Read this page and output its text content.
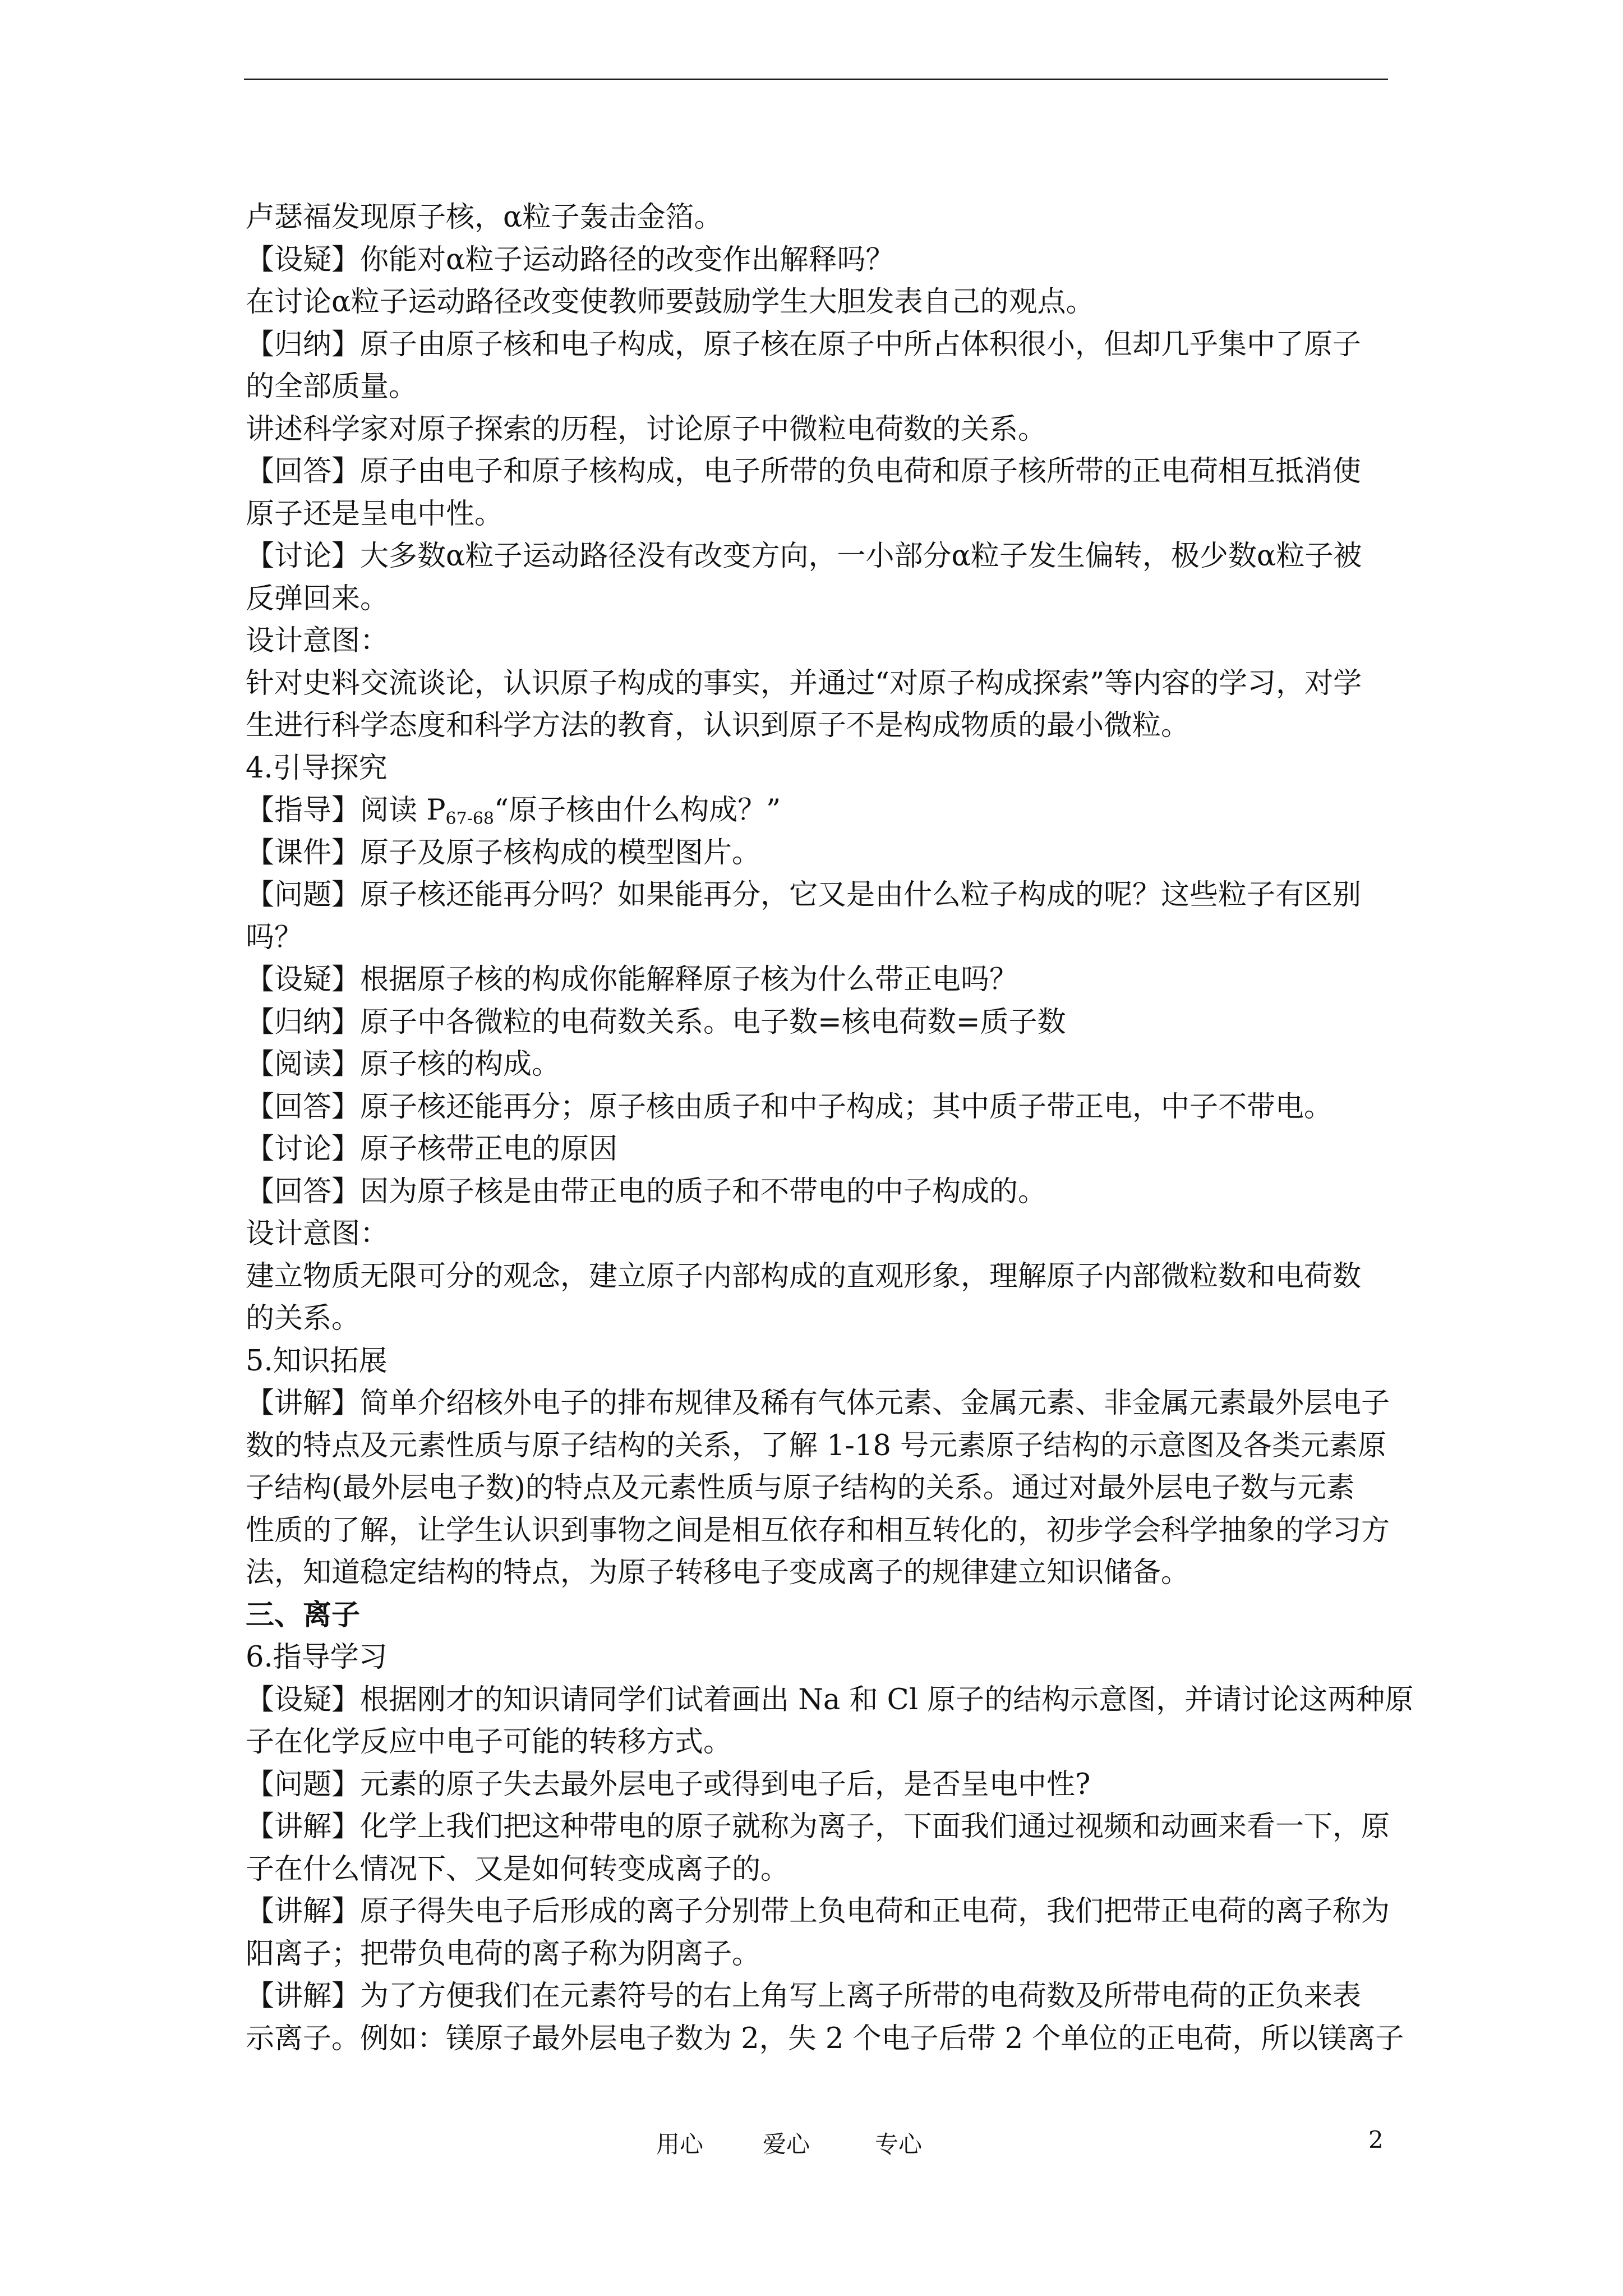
卢瑟福发现原子核，α粒子轰击金箔。
【设疑】你能对α粒子运动路径的改变作出解释吗？
在讨论α粒子运动路径改变使教师要鼓励学生大胆发表自己的观点。
【归纳】原子由原子核和电子构成，原子核在原子中所占体积很小，但却几乎集中了原子
的全部质量。
讲述科学家对原子探索的历程，讨论原子中微粒电荷数的关系。
【回答】原子由电子和原子核构成，电子所带的负电荷和原子核所带的正电荷相互抵消使
原子还是呈电中性。
【讨论】大多数α粒子运动路径没有改变方向，一小部分α粒子发生偏转，极少数α粒子被
反弹回来。
设计意图：
针对史料交流谈论，认识原子构成的事实，并通过“对原子构成探索”等内容的学习，对学
生进行科学态度和科学方法的教育，认识到原子不是构成物质的最小微粒。
4.引导探究
【指导】阅读 $P_{67-68}“$原子核由什么构成？”
【课件】原子及原子核构成的模型图片。
【问题】原子核还能再分吗？如果能再分，它又是由什么粒子构成的呢？这些粒子有区别
吗？
【设疑】根据原子核的构成你能解释原子核为什么带正电吗？
【归纳】原子中各微粒的电荷数关系。电子数=核电荷数=质子数
【阅读】原子核的构成。
【回答】原子核还能再分；原子核由质子和中子构成；其中质子带正电，中子不带电。
【讨论】原子核带正电的原因
【回答】因为原子核是由带正电的质子和不带电的中子构成的。
设计意图：
建立物质无限可分的观念，建立原子内部构成的直观形象，理解原子内部微粒数和电荷数
的关系。
5.知识拓展
【讲解】简单介绍核外电子的排布规律及稀有气体元素、金属元素、非金属元素最外层电子
数的特点及元素性质与原子结构的关系，了解 1-18 号元素原子结构的示意图及各类元素原
子结构(最外层电子数)的特点及元素性质与原子结构的关系。通过对最外层电子数与元素
性质的了解，让学生认识到事物之间是相互依存和相互转化的，初步学会科学抽象的学习方
法，知道稳定结构的特点，为原子转移电子变成离子的规律建立知识储备。
三、离子
6.指导学习
【设疑】根据刚才的知识请同学们试着画出 Na 和 Cl 原子的结构示意图，并请讨论这两种原
子在化学反应中电子可能的转移方式。
【问题】元素的原子失去最外层电子或得到电子后，是否呈电中性?
【讲解】化学上我们把这种带电的原子就称为离子，下面我们通过视频和动画来看一下，原
子在什么情况下、又是如何转变成离子的。
【讲解】原子得失电子后形成的离子分别带上负电荷和正电荷，我们把带正电荷的离子称为
阳离子；把带负电荷的离子称为阴离子。
【讲解】为了方便我们在元素符号的右上角写上离子所带的电荷数及所带电荷的正负来表
示离子。例如：镁原子最外层电子数为 2，失 2 个电子后带 2 个单位的正电荷，所以镁离子
用心	爱心	专心	2
